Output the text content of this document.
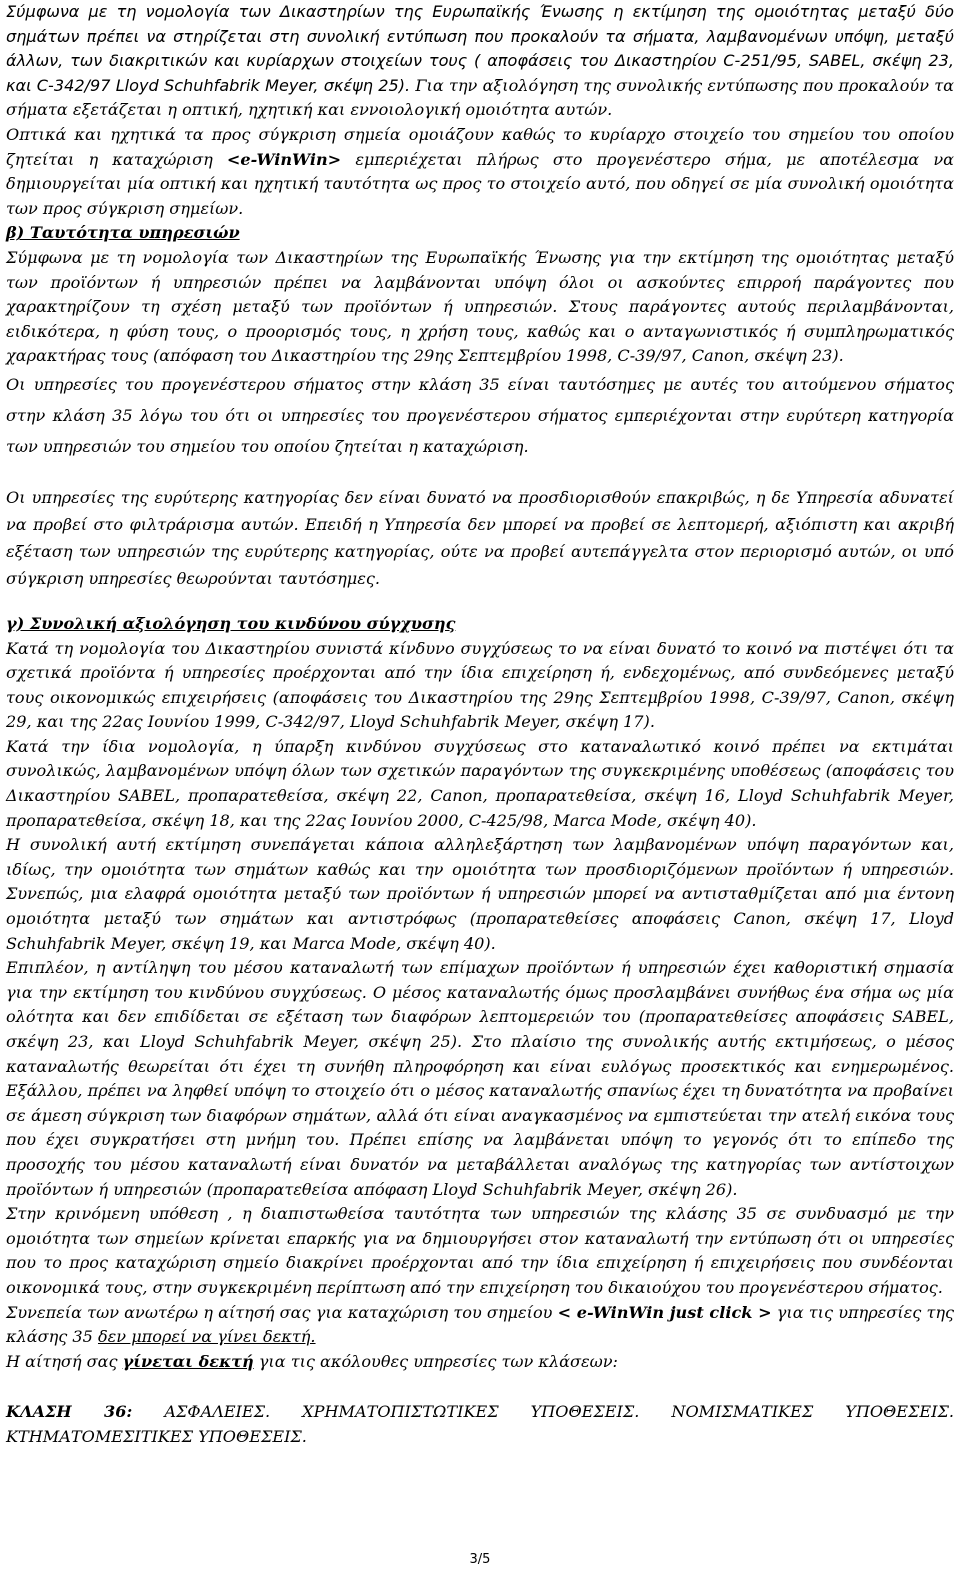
Σύμφωνα με τη νομολογία των Δικαστηρίων της Ευρωπαϊκής Ένωσης η εκτίμηση της ομοιότητας μεταξύ δύο σημάτων πρέπει να στηρίζεται στη συνολική εντύπωση που προκαλούν τα σήματα, λαμβανομένων υπόψη, μεταξύ άλλων, των διακριτικών και κυρίαρχων στοιχείων τους ( αποφάσεις του Δικαστηρίου C-251/95, SABEL, σκέψη 23, και C-342/97 Lloyd Schuhfabrik Meyer, σκέψη 25). Για την αξιολόγηση της συνολικής εντύπωσης που προκαλούν τα σήματα εξετάζεται η οπτική, ηχητική και εννοιολογική ομοιότητα αυτών.

Οπτικά και ηχητικά τα προς σύγκριση σημεία ομοιάζουν καθώς το κυρίαρχο στοιχείο του σημείου του οποίου ζητείται η καταχώριση <e-WinWin> εμπεριέχεται πλήρως στο προγενέστερο σήμα, με αποτέλεσμα να δημιουργείται μία οπτική και ηχητική ταυτότητα ως προς το στοιχείο αυτό, που οδηγεί σε μία συνολική ομοιότητα των προς σύγκριση σημείων.

β) Ταυτότητα υπηρεσιών

Σύμφωνα με τη νομολογία των Δικαστηρίων της Ευρωπαϊκής Ένωσης για την εκτίμηση της ομοιότητας μεταξύ των προϊόντων ή υπηρεσιών πρέπει να λαμβάνονται υπόψη όλοι οι ασκούντες επιρροή παράγοντες που χαρακτηρίζουν τη σχέση μεταξύ των προϊόντων ή υπηρεσιών. Στους παράγοντες αυτούς περιλαμβάνονται, ειδικότερα, η φύση τους, ο προορισμός τους, η χρήση τους, καθώς και ο ανταγωνιστικός ή συμπληρωματικός χαρακτήρας τους (απόφαση του Δικαστηρίου της 29ης Σεπτεμβρίου 1998, C-39/97, Canon, σκέψη 23).

Οι υπηρεσίες του προγενέστερου σήματος στην κλάση 35 είναι ταυτόσημες με αυτές του αιτούμενου σήματος στην κλάση 35 λόγω του ότι οι υπηρεσίες του προγενέστερου σήματος εμπεριέχονται στην ευρύτερη κατηγορία των υπηρεσιών του σημείου του οποίου ζητείται η καταχώριση.

Οι υπηρεσίες της ευρύτερης κατηγορίας δεν είναι δυνατό να προσδιορισθούν επακριβώς, η δε Υπηρεσία αδυνατεί να προβεί στο φιλτράρισμα αυτών. Επειδή η Υπηρεσία δεν μπορεί να προβεί σε λεπτομερή, αξιόπιστη και ακριβή εξέταση των υπηρεσιών της ευρύτερης κατηγορίας, ούτε να προβεί αυτεπάγγελτα στον περιορισμό αυτών, οι υπό σύγκριση υπηρεσίες θεωρούνται ταυτόσημες.

γ) Συνολική αξιολόγηση του κινδύνου σύγχυσης

Κατά τη νομολογία του Δικαστηρίου συνιστά κίνδυνο συγχύσεως το να είναι δυνατό το κοινό να πιστέψει ότι τα σχετικά προϊόντα ή υπηρεσίες προέρχονται από την ίδια επιχείρηση ή, ενδεχομένως, από συνδεόμενες μεταξύ τους οικονομικώς επιχειρήσεις (αποφάσεις του Δικαστηρίου της 29ης Σεπτεμβρίου 1998, C-39/97, Canon, σκέψη 29, και της 22ας Ιουνίου 1999, C-342/97, Lloyd Schuhfabrik Meyer, σκέψη 17).

Κατά την ίδια νομολογία, η ύπαρξη κινδύνου συγχύσεως στο καταναλωτικό κοινό πρέπει να εκτιμάται συνολικώς, λαμβανομένων υπόψη όλων των σχετικών παραγόντων της συγκεκριμένης υποθέσεως (αποφάσεις του Δικαστηρίου SABEL, προπαρατεθείσα, σκέψη 22, Canon, προπαρατεθείσα, σκέψη 16, Lloyd Schuhfabrik Meyer, προπαρατεθείσα, σκέψη 18, και της 22ας Ιουνίου 2000, C-425/98, Marca Mode, σκέψη 40).

Η συνολική αυτή εκτίμηση συνεπάγεται κάποια αλληλεξάρτηση των λαμβανομένων υπόψη παραγόντων και, ιδίως, την ομοιότητα των σημάτων καθώς και την ομοιότητα των προσδιοριζόμενων προϊόντων ή υπηρεσιών. Συνεπώς, μια ελαφρά ομοιότητα μεταξύ των προϊόντων ή υπηρεσιών μπορεί να αντισταθμίζεται από μια έντονη ομοιότητα μεταξύ των σημάτων και αντιστρόφως (προπαρατεθείσες αποφάσεις Canon, σκέψη 17, Lloyd Schuhfabrik Meyer, σκέψη 19, και Marca Mode, σκέψη 40).

Επιπλέον, η αντίληψη του μέσου καταναλωτή των επίμαχων προϊόντων ή υπηρεσιών έχει καθοριστική σημασία για την εκτίμηση του κινδύνου συγχύσεως. Ο μέσος καταναλωτής όμως προσλαμβάνει συνήθως ένα σήμα ως μία ολότητα και δεν επιδίδεται σε εξέταση των διαφόρων λεπτομερειών του (προπαρατεθείσες αποφάσεις SABEL, σκέψη 23, και Lloyd Schuhfabrik Meyer, σκέψη 25). Στο πλαίσιο της συνολικής αυτής εκτιμήσεως, ο μέσος καταναλωτής θεωρείται ότι έχει τη συνήθη πληροφόρηση και είναι ευλόγως προσεκτικός και ενημερωμένος. Εξάλλου, πρέπει να ληφθεί υπόψη το στοιχείο ότι ο μέσος καταναλωτής σπανίως έχει τη δυνατότητα να προβαίνει σε άμεση σύγκριση των διαφόρων σημάτων, αλλά ότι είναι αναγκασμένος να εμπιστεύεται την ατελή εικόνα τους που έχει συγκρατήσει στη μνήμη του. Πρέπει επίσης να λαμβάνεται υπόψη το γεγονός ότι το επίπεδο της προσοχής του μέσου καταναλωτή είναι δυνατόν να μεταβάλλεται αναλόγως της κατηγορίας των αντίστοιχων προϊόντων ή υπηρεσιών (προπαρατεθείσα απόφαση Lloyd Schuhfabrik Meyer, σκέψη 26).

Στην κρινόμενη υπόθεση , η διαπιστωθείσα ταυτότητα των υπηρεσιών της κλάσης 35 σε συνδυασμό με την ομοιότητα των σημείων κρίνεται επαρκής για να δημιουργήσει στον καταναλωτή την εντύπωση ότι οι υπηρεσίες που το προς καταχώριση σημείο διακρίνει προέρχονται από την ίδια επιχείρηση ή επιχειρήσεις που συνδέονται οικονομικά τους, στην συγκεκριμένη περίπτωση από την επιχείρηση του δικαιούχου του προγενέστερου σήματος.

Συνεπεία των ανωτέρω η αίτησή σας για καταχώριση του σημείου < e-WinWin just click > για τις υπηρεσίες της κλάσης 35 δεν μπορεί να γίνει δεκτή.

Η αίτησή σας γίνεται δεκτή για τις ακόλουθες υπηρεσίες των κλάσεων:

ΚΛΑΣΗ 36: ΑΣΦΑΛΕΙΕΣ. ΧΡΗΜΑΤΟΠΙΣΤΩΤΙΚΕΣ ΥΠΟΘΕΣΕΙΣ. ΝΟΜΙΣΜΑΤΙΚΕΣ ΥΠΟΘΕΣΕΙΣ. ΚΤΗΜΑΤΟΜΕΣΙΤΙΚΕΣ ΥΠΟΘΕΣΕΙΣ.

3/5
